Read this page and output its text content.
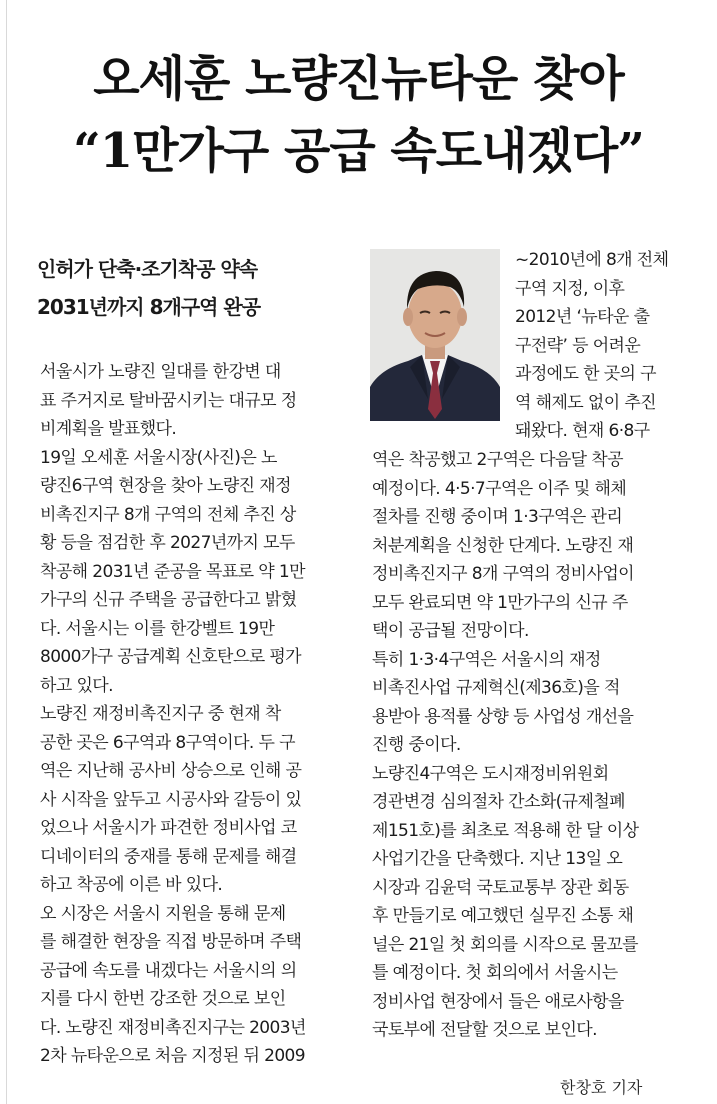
오세훈 노량진뉴타운 찾아
“1만가구 공급 속도내겠다”
인허가 단축·조기착공 약속
2031년까지 8개구역 완공
서울시가 노량진 일대를 한강변 대
표 주거지로 탈바꿈시키는 대규모 정
비계획을 발표했다.
19일 오세훈 서울시장(사진)은 노
량진6구역 현장을 찾아 노량진 재정
비촉진지구 8개 구역의 전체 추진 상
황 등을 점검한 후 2027년까지 모두
착공해 2031년 준공을 목표로 약 1만
가구의 신규 주택을 공급한다고 밝혔
다. 서울시는 이를 한강벨트 19만
8000가구 공급계획 신호탄으로 평가
하고 있다.
노량진 재정비촉진지구 중 현재 착
공한 곳은 6구역과 8구역이다. 두 구
역은 지난해 공사비 상승으로 인해 공
사 시작을 앞두고 시공사와 갈등이 있
었으나 서울시가 파견한 정비사업 코
디네이터의 중재를 통해 문제를 해결
하고 착공에 이른 바 있다.
오 시장은 서울시 지원을 통해 문제
를 해결한 현장을 직접 방문하며 주택
공급에 속도를 내겠다는 서울시의 의
지를 다시 한번 강조한 것으로 보인
다. 노량진 재정비촉진지구는 2003년
2차 뉴타운으로 처음 지정된 뒤 2009
~2010년에 8개 전체
구역 지정, 이후
2012년 ‘뉴타운 출
구전략’ 등 어려운
과정에도 한 곳의 구
역 해제도 없이 추진
돼왔다. 현재 6·8구
역은 착공했고 2구역은 다음달 착공
예정이다. 4·5·7구역은 이주 및 해체
절차를 진행 중이며 1·3구역은 관리
처분계획을 신청한 단계다. 노량진 재
정비촉진지구 8개 구역의 정비사업이
모두 완료되면 약 1만가구의 신규 주
택이 공급될 전망이다.
특히 1·3·4구역은 서울시의 재정
비촉진사업 규제혁신(제36호)을 적
용받아 용적률 상향 등 사업성 개선을
진행 중이다.
노량진4구역은 도시재정비위원회
경관변경 심의절차 간소화(규제철폐
제151호)를 최초로 적용해 한 달 이상
사업기간을 단축했다. 지난 13일 오
시장과 김윤덕 국토교통부 장관 회동
후 만들기로 예고했던 실무진 소통 채
널은 21일 첫 회의를 시작으로 물꼬를
틀 예정이다. 첫 회의에서 서울시는
정비사업 현장에서 들은 애로사항을
국토부에 전달할 것으로 보인다.
한창호 기자
